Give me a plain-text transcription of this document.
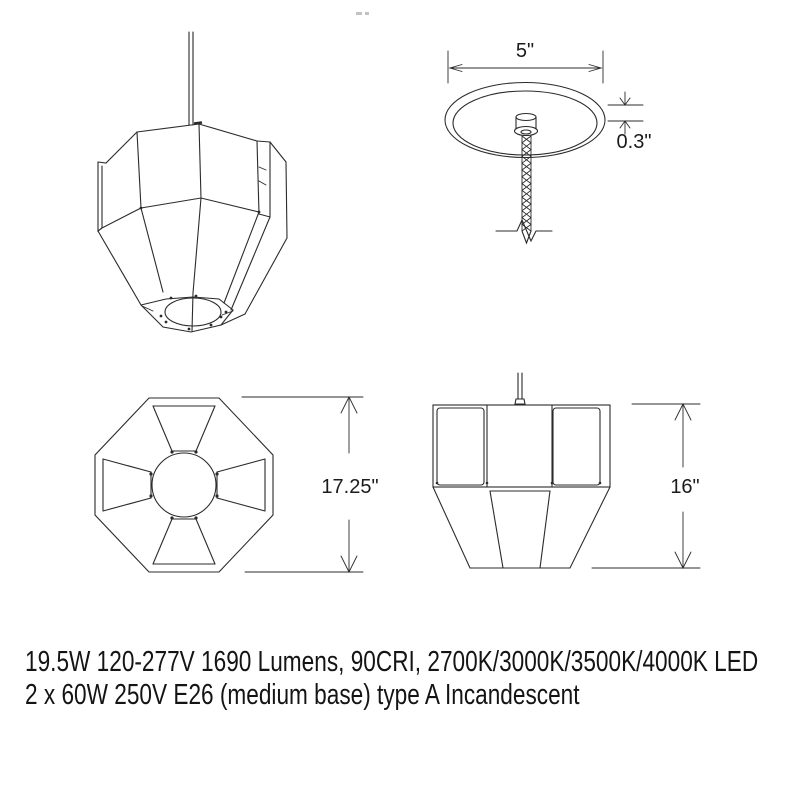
5"
0.3"
17.25"	16"
19.5W 120-277V 1690 Lumens, 90CRI, 2700K/3000K/3500K/4000K LED
2 x 60W 250V E26 (medium base) type A Incandescent
